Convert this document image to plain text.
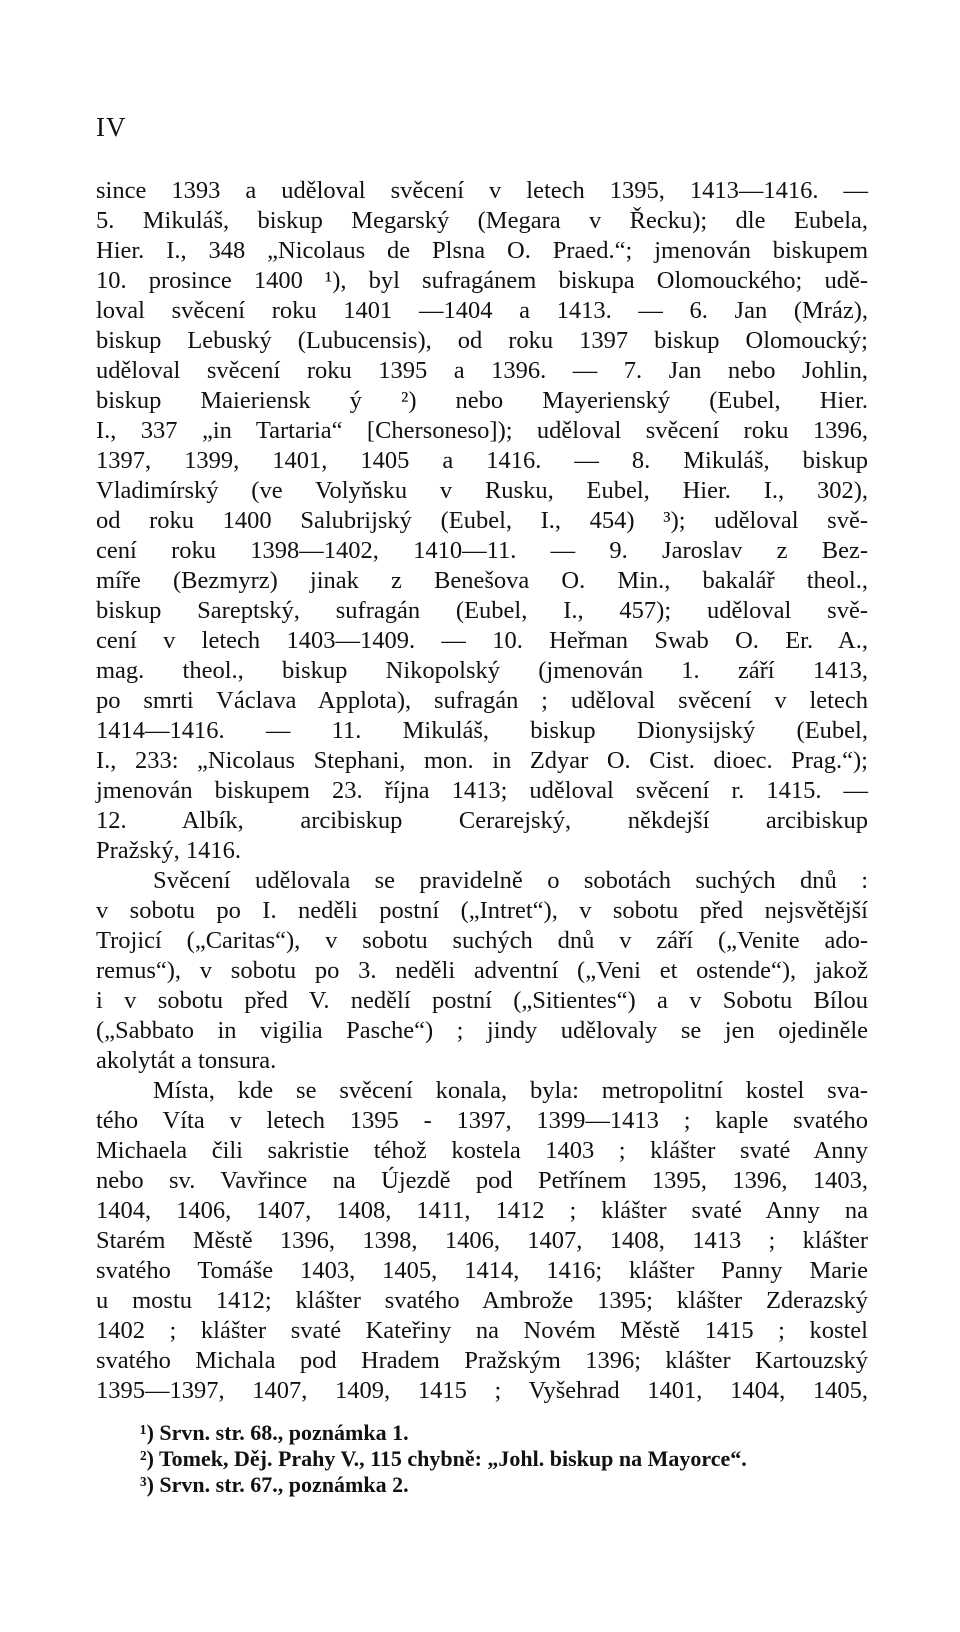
IV
since 1393 a uděloval svěcení v letech 1395, 1413—1416. —
5. Mikuláš, biskup Megarský (Megara v Řecku); dle Eubela,
Hier. I., 348 „Nicolaus de Plsna O. Praed.“; jmenován biskupem
10. prosince 1400 ¹), byl sufragánem biskupa Olomouckého; udě-
loval svěcení roku 1401 —1404 a 1413. — 6. Jan (Mráz),
biskup Lebuský (Lubucensis), od roku 1397 biskup Olomoucký;
uděloval svěcení roku 1395 a 1396. — 7. Jan nebo Johlin,
biskup Maieriensk ý ²) nebo Mayerienský (Eubel, Hier.
I., 337 „in Tartaria“ [Chersoneso]); uděloval svěcení roku 1396,
1397, 1399, 1401, 1405 a 1416. — 8. Mikuláš, biskup
Vladimírský (ve Volyňsku v Rusku, Eubel, Hier. I., 302),
od roku 1400 Salubrijský (Eubel, I., 454) ³); uděloval svě-
cení roku 1398—1402, 1410—11. — 9. Jaroslav z Bez-
míře (Bezmyrz) jinak z Benešova O. Min., bakalář theol.,
biskup Sareptský, sufragán (Eubel, I., 457); uděloval svě-
cení v letech 1403—1409. — 10. Heřman Swab O. Er. A.,
mag. theol., biskup Nikopolský (jmenován 1. září 1413,
po smrti Václava Applota), sufragán ; uděloval svěcení v letech
1414—1416. — 11. Mikuláš, biskup Dionysijský (Eubel,
I., 233: „Nicolaus Stephani, mon. in Zdyar O. Cist. dioec. Prag.“);
jmenován biskupem 23. října 1413; uděloval svěcení r. 1415. —
12. Albík, arcibiskup Cerarejský, někdejší arcibiskup
Pražský, 1416.
Svěcení udělovala se pravidelně o sobotách suchých dnů :
v sobotu po I. neděli postní („Intret“), v sobotu před nejsvětější
Trojicí („Caritas“), v sobotu suchých dnů v září („Venite ado-
remus“), v sobotu po 3. neděli adventní („Veni et ostende“), jakož
i v sobotu před V. nedělí postní („Sitientes“) a v Sobotu Bílou
(„Sabbato in vigilia Pasche“) ; jindy udělovaly se jen ojediněle
akolytát a tonsura.
Místa, kde se svěcení konala, byla: metropolitní kostel sva-
tého Víta v letech 1395 - 1397, 1399—1413 ; kaple svatého
Michaela čili sakristie téhož kostela 1403 ; klášter svaté Anny
nebo sv. Vavřince na Újezdě pod Petřínem 1395, 1396, 1403,
1404, 1406, 1407, 1408, 1411, 1412 ; klášter svaté Anny na
Starém Městě 1396, 1398, 1406, 1407, 1408, 1413 ; klášter
svatého Tomáše 1403, 1405, 1414, 1416; klášter Panny Marie
u mostu 1412; klášter svatého Ambrože 1395; klášter Zderazský
1402 ; klášter svaté Kateřiny na Novém Městě 1415 ; kostel
svatého Michala pod Hradem Pražským 1396; klášter Kartouzský
1395—1397, 1407, 1409, 1415 ; Vyšehrad 1401, 1404, 1405,
¹) Srvn. str. 68., poznámka 1.
²) Tomek, Děj. Prahy V., 115 chybně: „Johl. biskup na Mayorce“.
³) Srvn. str. 67., poznámka 2.
